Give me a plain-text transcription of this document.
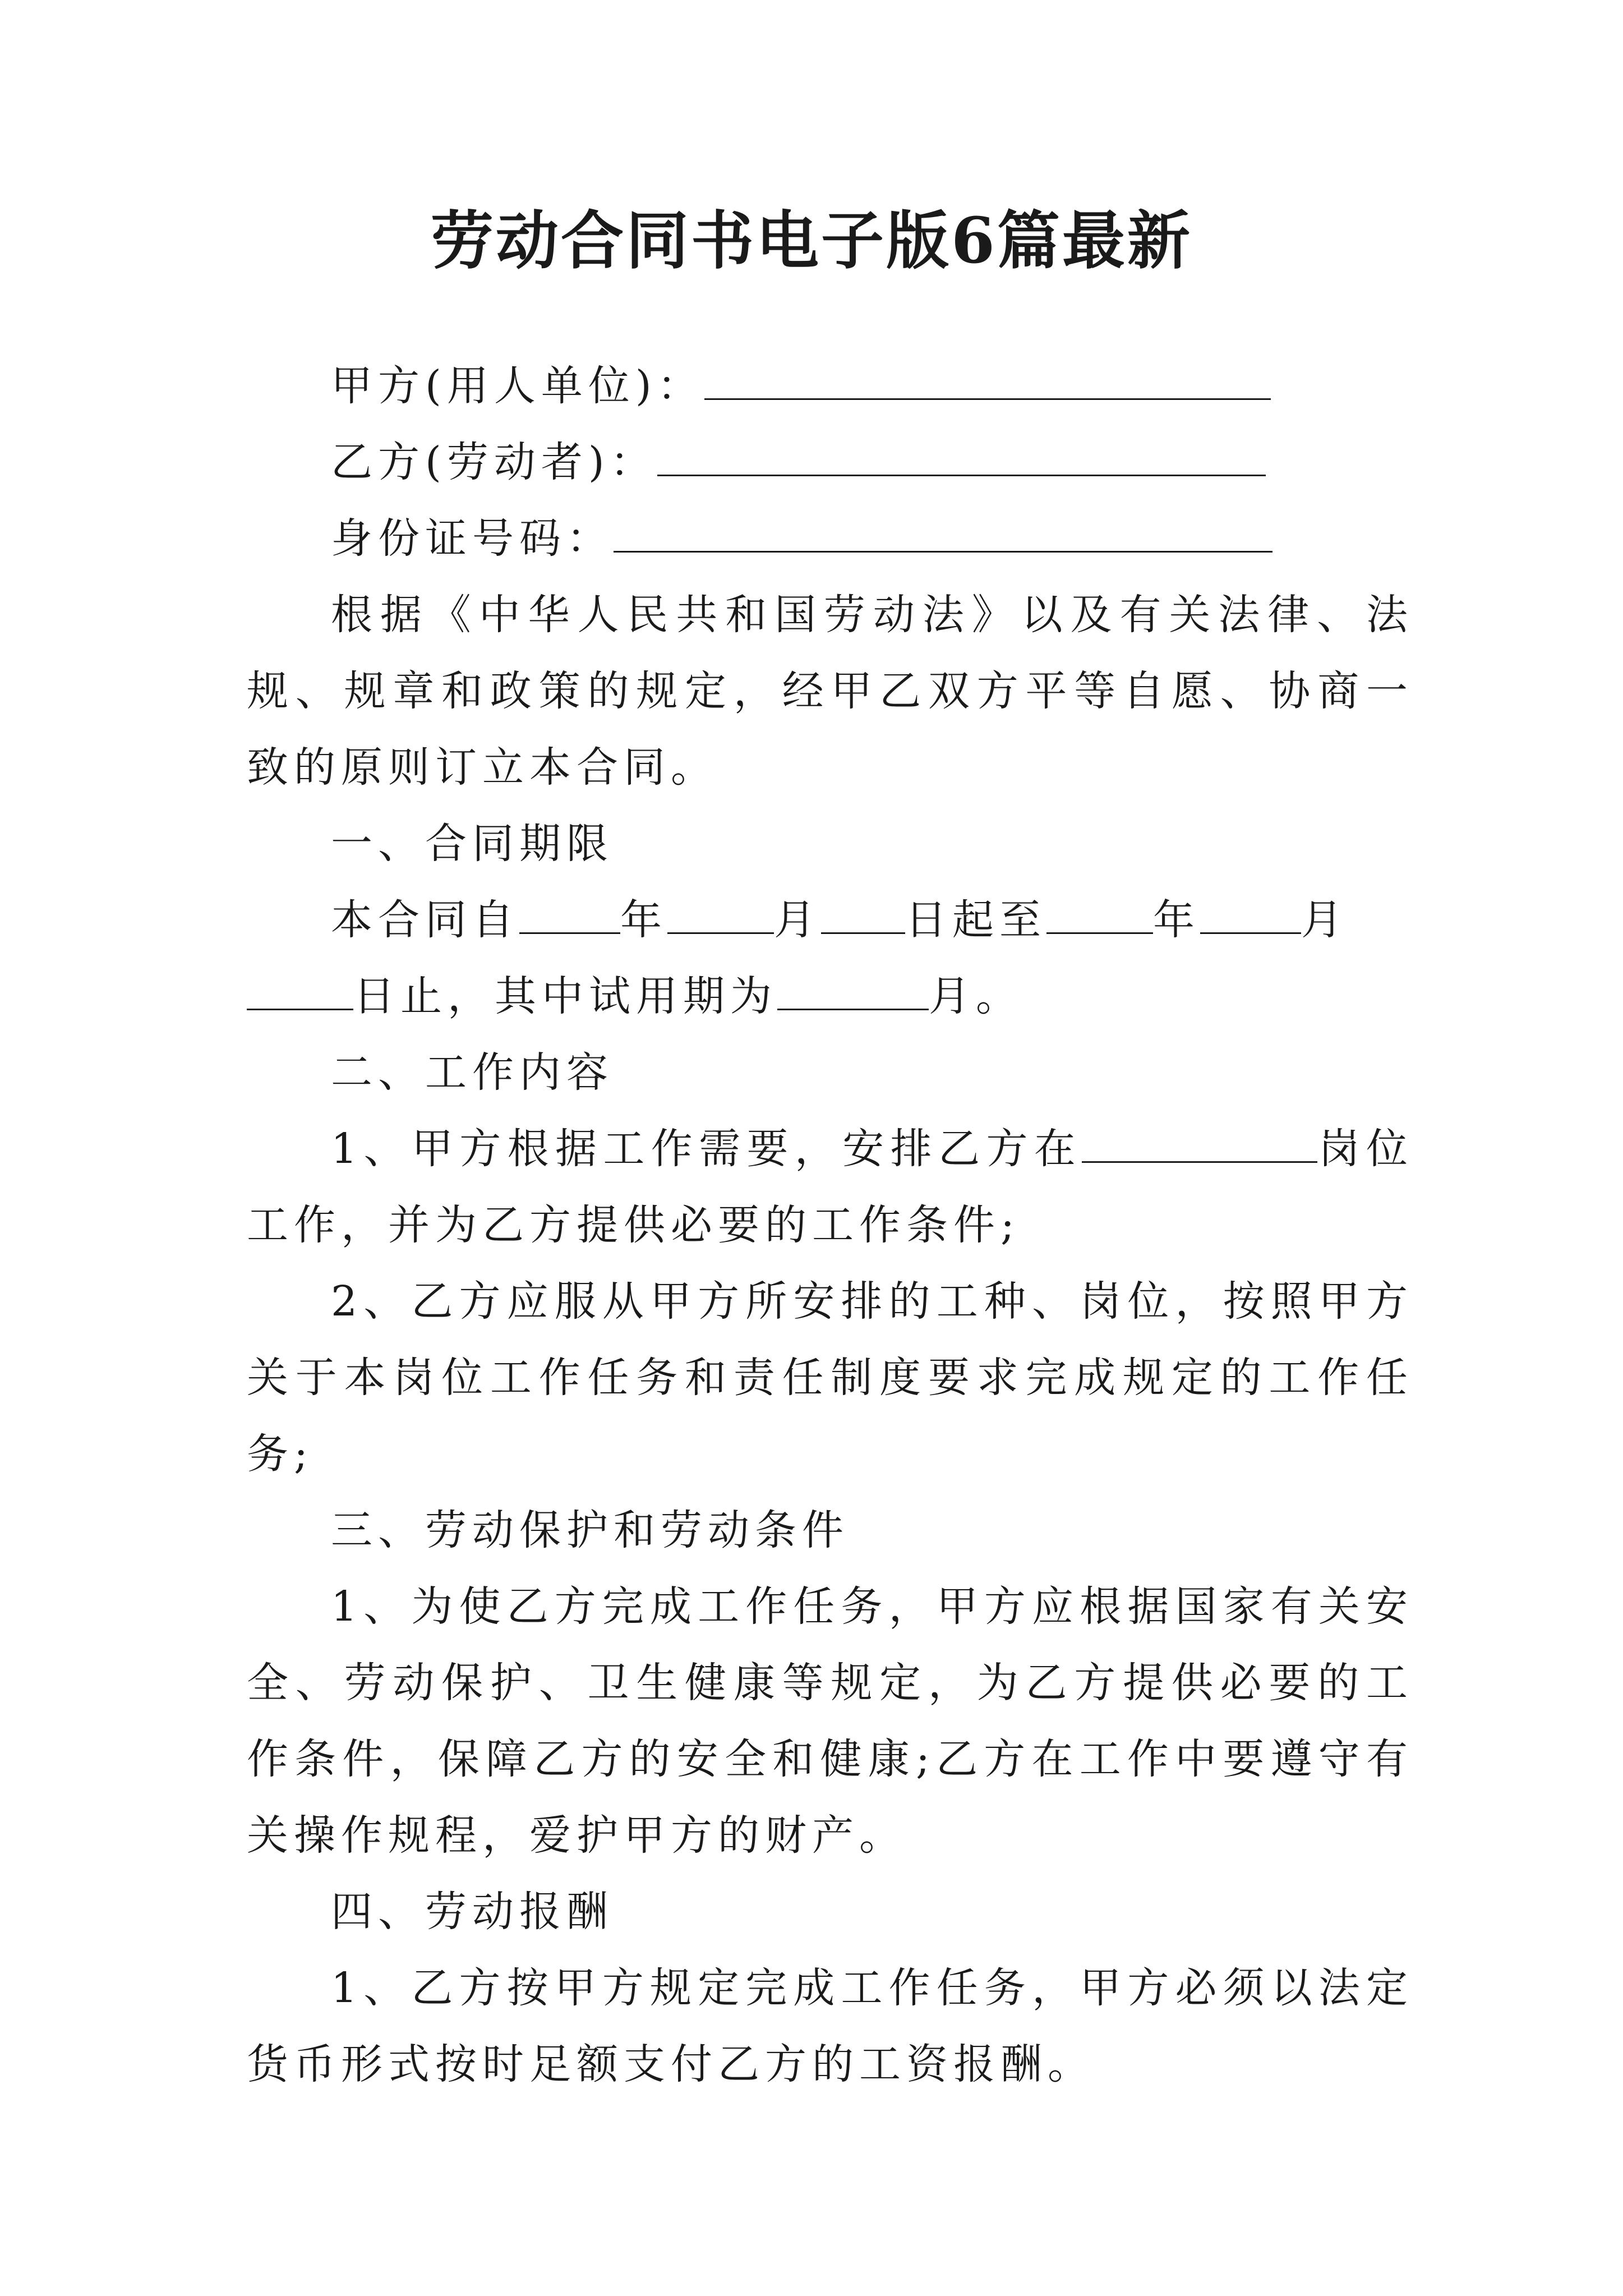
劳动合同书电子版6篇最新

甲方(用人单位)：

乙方(劳动者)：

身份证号码：

根据《中华人民共和国劳动法》以及有关法律、法规、规章和政策的规定，经甲乙双方平等自愿、协商一致的原则订立本合同。

一、合同期限

本合同自 年	月 日起至	年 月
日止，其中试用期为	月。

二、工作内容

1、甲方根据工作需要，安排乙方在	岗位工作，并为乙方提供必要的工作条件;

2、乙方应服从甲方所安排的工种、岗位，按照甲方关于本岗位工作任务和责任制度要求完成规定的工作任务;

三、劳动保护和劳动条件

1、为使乙方完成工作任务，甲方应根据国家有关安全、劳动保护、卫生健康等规定，为乙方提供必要的工作条件，保障乙方的安全和健康;乙方在工作中要遵守有关操作规程，爱护甲方的财产。

四、劳动报酬

1、乙方按甲方规定完成工作任务，甲方必须以法定货币形式按时足额支付乙方的工资报酬。
